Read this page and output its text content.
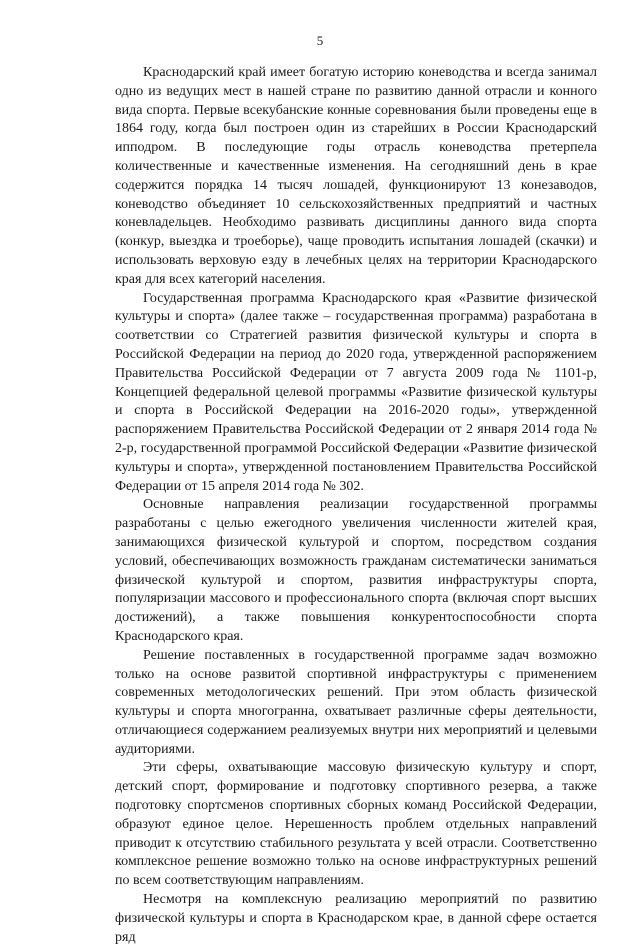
5

Краснодарский край имеет богатую историю коневодства и всегда занимал одно из ведущих мест в нашей стране по развитию данной отрасли и конного вида спорта. Первые всекубанские конные соревнования были проведены еще в 1864 году, когда был построен один из старейших в России Краснодарский ипподром. В последующие годы отрасль коневодства претерпела количественные и качественные изменения. На сегодняшний день в крае содержится порядка 14 тысяч лошадей, функционируют 13 конезаводов, коневодство объединяет 10 сельскохозяйственных предприятий и частных коневладельцев. Необходимо развивать дисциплины данного вида спорта (конкур, выездка и троеборье), чаще проводить испытания лошадей (скачки) и использовать верховую езду в лечебных целях на территории Краснодарского края для всех категорий населения.

Государственная программа Краснодарского края «Развитие физической культуры и спорта» (далее также – государственная программа) разработана в соответствии со Стратегией развития физической культуры и спорта в Российской Федерации на период до 2020 года, утвержденной распоряжением Правительства Российской Федерации от 7 августа 2009 года № 1101-р, Концепцией федеральной целевой программы «Развитие физической культуры и спорта в Российской Федерации на 2016-2020 годы», утвержденной распоряжением Правительства Российской Федерации от 2 января 2014 года № 2-р, государственной программой Российской Федерации «Развитие физической культуры и спорта», утвержденной постановлением Правительства Российской Федерации от 15 апреля 2014 года № 302.

Основные направления реализации государственной программы разработаны с целью ежегодного увеличения численности жителей края, занимающихся физической культурой и спортом, посредством создания условий, обеспечивающих возможность гражданам систематически заниматься физической культурой и спортом, развития инфраструктуры спорта, популяризации массового и профессионального спорта (включая спорт высших достижений), а также повышения конкурентоспособности спорта Краснодарского края.

Решение поставленных в государственной программе задач возможно только на основе развитой спортивной инфраструктуры с применением современных методологических решений. При этом область физической культуры и спорта многогранна, охватывает различные сферы деятельности, отличающиеся содержанием реализуемых внутри них мероприятий и целевыми аудиториями.

Эти сферы, охватывающие массовую физическую культуру и спорт, детский спорт, формирование и подготовку спортивного резерва, а также подготовку спортсменов спортивных сборных команд Российской Федерации, образуют единое целое. Нерешенность проблем отдельных направлений приводит к отсутствию стабильного результата у всей отрасли. Соответственно комплексное решение возможно только на основе инфраструктурных решений по всем соответствующим направлениям.

Несмотря на комплексную реализацию мероприятий по развитию физической культуры и спорта в Краснодарском крае, в данной сфере остается ряд
